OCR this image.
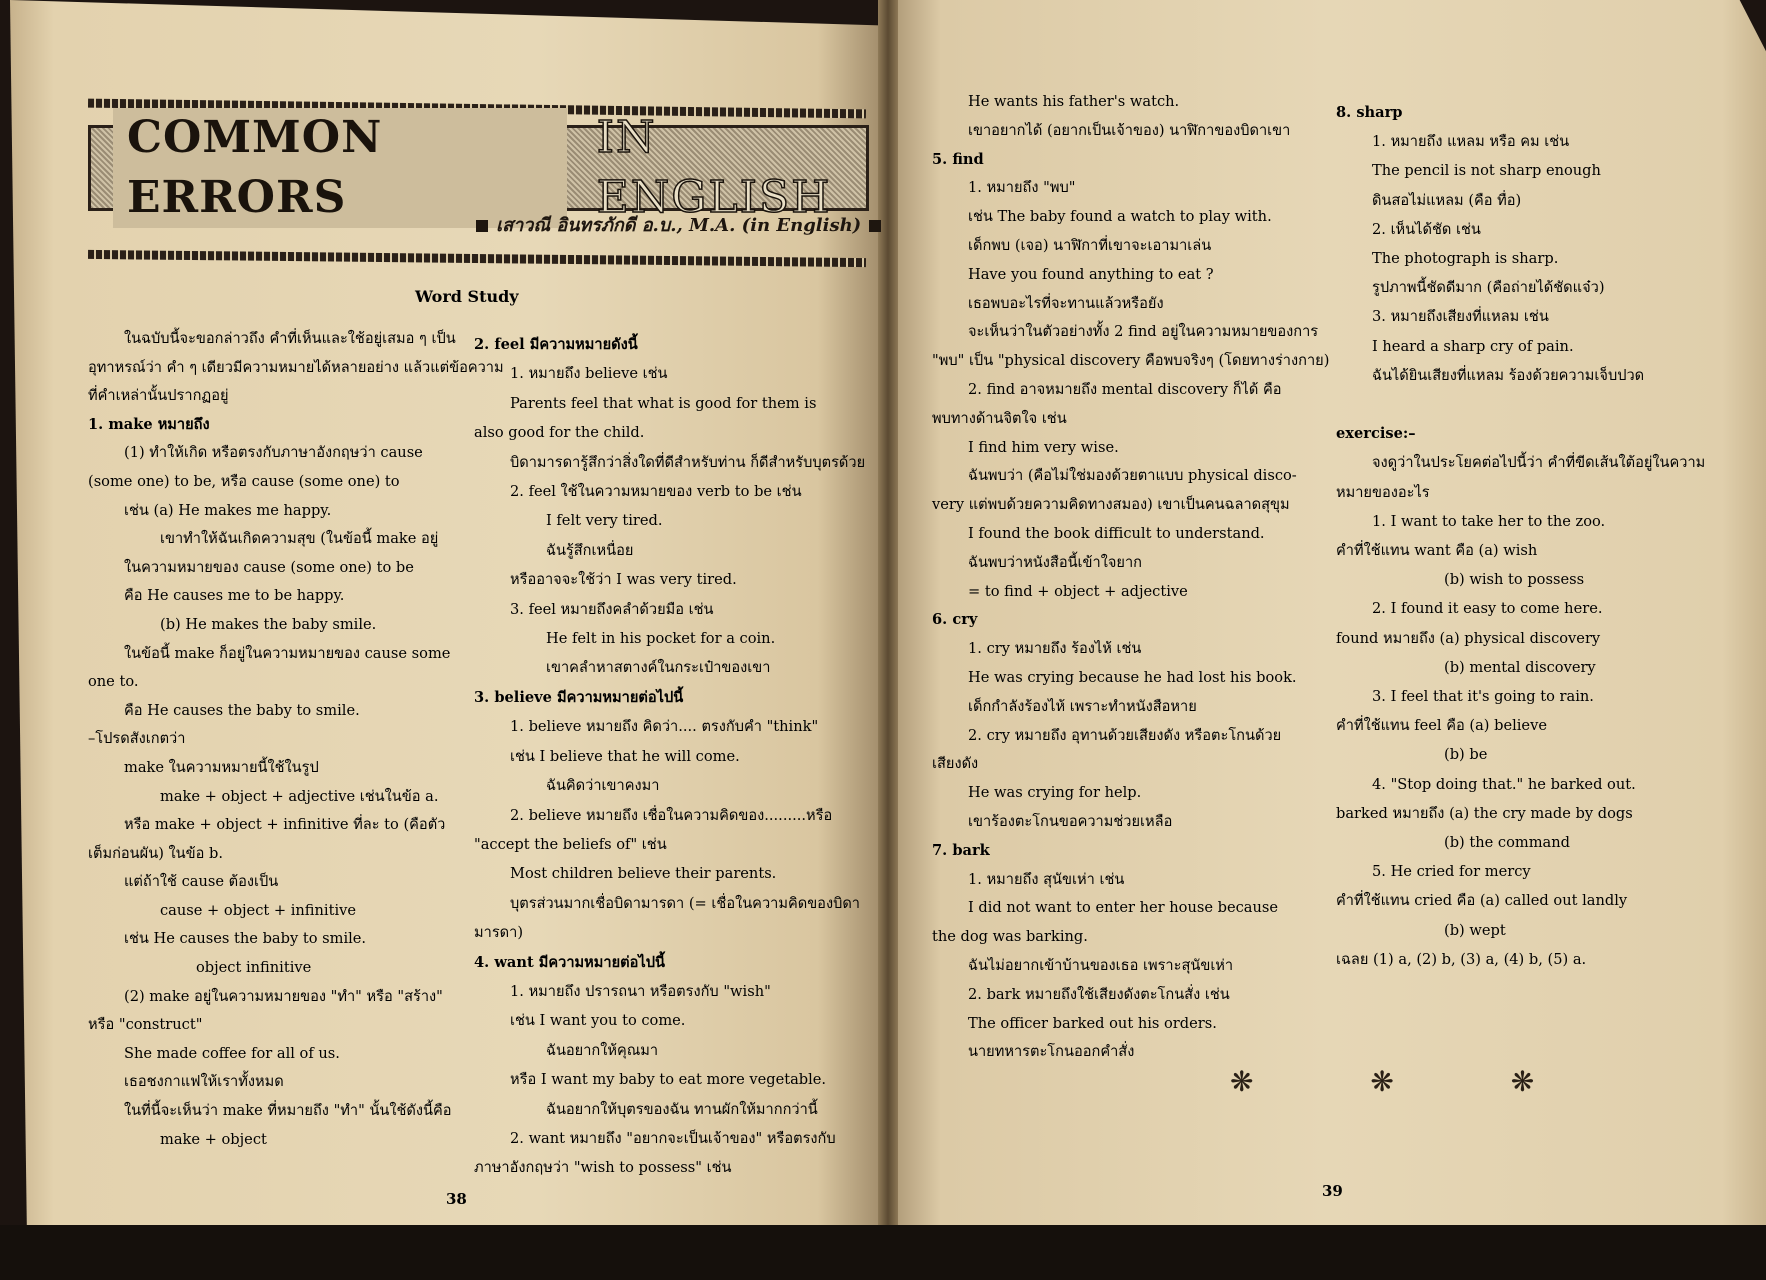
COMMON ERRORS
IN ENGLISH
เสาวณี อินทรภักดี อ.บ., M.A. (in English)
Word Study

ในฉบับนี้จะขอกล่าวถึง คำที่เห็นและใช้อยู่เสมอ ๆ เป็น

อุทาหรณ์ว่า คำ ๆ เดียวมีความหมายได้หลายอย่าง แล้วแต่ข้อความ

ที่คำเหล่านั้นปรากฏอยู่

1. make หมายถึง

(1) ทำให้เกิด หรือตรงกับภาษาอังกฤษว่า cause

(some one) to be, หรือ cause (some one) to

เช่น (a) He makes me happy.

เขาทำให้ฉันเกิดความสุข (ในข้อนี้ make อยู่

ในความหมายของ cause (some one) to be

คือ He causes me to be happy.

(b) He makes the baby smile.

ในข้อนี้ make ก็อยู่ในความหมายของ cause some

one to.

คือ He causes the baby to smile.

–โปรดสังเกตว่า

make ในความหมายนี้ใช้ในรูป

make + object + adjective เช่นในข้อ a.

หรือ make + object + infinitive ที่ละ to (คือตัว

เต็มก่อนผัน) ในข้อ b.

แต่ถ้าใช้ cause ต้องเป็น

cause + object + infinitive

เช่น He causes the baby to smile.

object infinitive

(2) make อยู่ในความหมายของ "ทำ" หรือ "สร้าง"

หรือ "construct"

She made coffee for all of us.

เธอชงกาแฟให้เราทั้งหมด

ในที่นี้จะเห็นว่า make ที่หมายถึง "ทำ" นั้นใช้ดังนี้คือ

make + object

2. feel มีความหมายดังนี้

1. หมายถึง believe เช่น

Parents feel that what is good for them is

also good for the child.

บิดามารดารู้สึกว่าสิ่งใดที่ดีสำหรับท่าน ก็ดีสำหรับบุตรด้วย

2. feel ใช้ในความหมายของ verb to be เช่น

I felt very tired.

ฉันรู้สึกเหนื่อย

หรืออาจจะใช้ว่า I was very tired.

3. feel หมายถึงคลำด้วยมือ เช่น

He felt in his pocket for a coin.

เขาคลำหาสตางค์ในกระเป๋าของเขา

3. believe มีความหมายต่อไปนี้

1. believe หมายถึง คิดว่า.... ตรงกับคำ "think"

เช่น I believe that he will come.

ฉันคิดว่าเขาคงมา

2. believe หมายถึง เชื่อในความคิดของ.........หรือ

"accept the beliefs of" เช่น

Most children believe their parents.

บุตรส่วนมากเชื่อบิดามารดา (= เชื่อในความคิดของบิดา

มารดา)

4. want มีความหมายต่อไปนี้

1. หมายถึง ปรารถนา หรือตรงกับ "wish"

เช่น I want you to come.

ฉันอยากให้คุณมา

หรือ I want my baby to eat more vegetable.

ฉันอยากให้บุตรของฉัน ทานผักให้มากกว่านี้

2. want หมายถึง "อยากจะเป็นเจ้าของ" หรือตรงกับ

ภาษาอังกฤษว่า "wish to possess" เช่น

He wants his father's watch.

เขาอยากได้ (อยากเป็นเจ้าของ) นาฬิกาของบิดาเขา

5. find

1. หมายถึง "พบ"

เช่น The baby found a watch to play with.

เด็กพบ (เจอ) นาฬิกาที่เขาจะเอามาเล่น

Have you found anything to eat ?

เธอพบอะไรที่จะทานแล้วหรือยัง

จะเห็นว่าในตัวอย่างทั้ง 2 find อยู่ในความหมายของการ

"พบ" เป็น "physical discovery คือพบจริงๆ (โดยทางร่างกาย)

2. find อาจหมายถึง mental discovery ก็ได้ คือ

พบทางด้านจิตใจ เช่น

I find him very wise.

ฉันพบว่า (คือไม่ใช่มองด้วยตาแบบ physical disco-

very แต่พบด้วยความคิดทางสมอง) เขาเป็นคนฉลาดสุขุม

I found the book difficult to understand.

ฉันพบว่าหนังสือนี้เข้าใจยาก

= to find + object + adjective

6. cry

1. cry หมายถึง ร้องไห้ เช่น

He was crying because he had lost his book.

เด็กกำลังร้องไห้ เพราะทำหนังสือหาย

2. cry หมายถึง อุทานด้วยเสียงดัง หรือตะโกนด้วย

เสียงดัง

He was crying for help.

เขาร้องตะโกนขอความช่วยเหลือ

7. bark

1. หมายถึง สุนัขเห่า เช่น

I did not want to enter her house because

the dog was barking.

ฉันไม่อยากเข้าบ้านของเธอ เพราะสุนัขเห่า

2. bark หมายถึงใช้เสียงดังตะโกนสั่ง เช่น

The officer barked out his orders.

นายทหารตะโกนออกคำสั่ง

8. sharp

1. หมายถึง แหลม หรือ คม เช่น

The pencil is not sharp enough

ดินสอไม่แหลม (คือ ทื่อ)

2. เห็นได้ชัด เช่น

The photograph is sharp.

รูปภาพนี้ชัดดีมาก (คือถ่ายได้ชัดแจ๋ว)

3. หมายถึงเสียงที่แหลม เช่น

I heard a sharp cry of pain.

ฉันได้ยินเสียงที่แหลม ร้องด้วยความเจ็บปวด

exercise:–

จงดูว่าในประโยคต่อไปนี้ว่า คำที่ขีดเส้นใต้อยู่ในความ

หมายของอะไร

1. I want to take her to the zoo.

คำที่ใช้แทน want คือ (a) wish

(b) wish to possess

2. I found it easy to come here.

found หมายถึง (a) physical discovery

(b) mental discovery

3. I feel that it's going to rain.

คำที่ใช้แทน feel คือ (a) believe

(b) be

4. "Stop doing that." he barked out.

barked หมายถึง (a) the cry made by dogs

(b) the command

5. He cried for mercy

คำที่ใช้แทน cried คือ (a) called out landly

(b) wept

เฉลย (1) a, (2) b, (3) a, (4) b, (5) a.

38	39
❋ ❋ ❋
